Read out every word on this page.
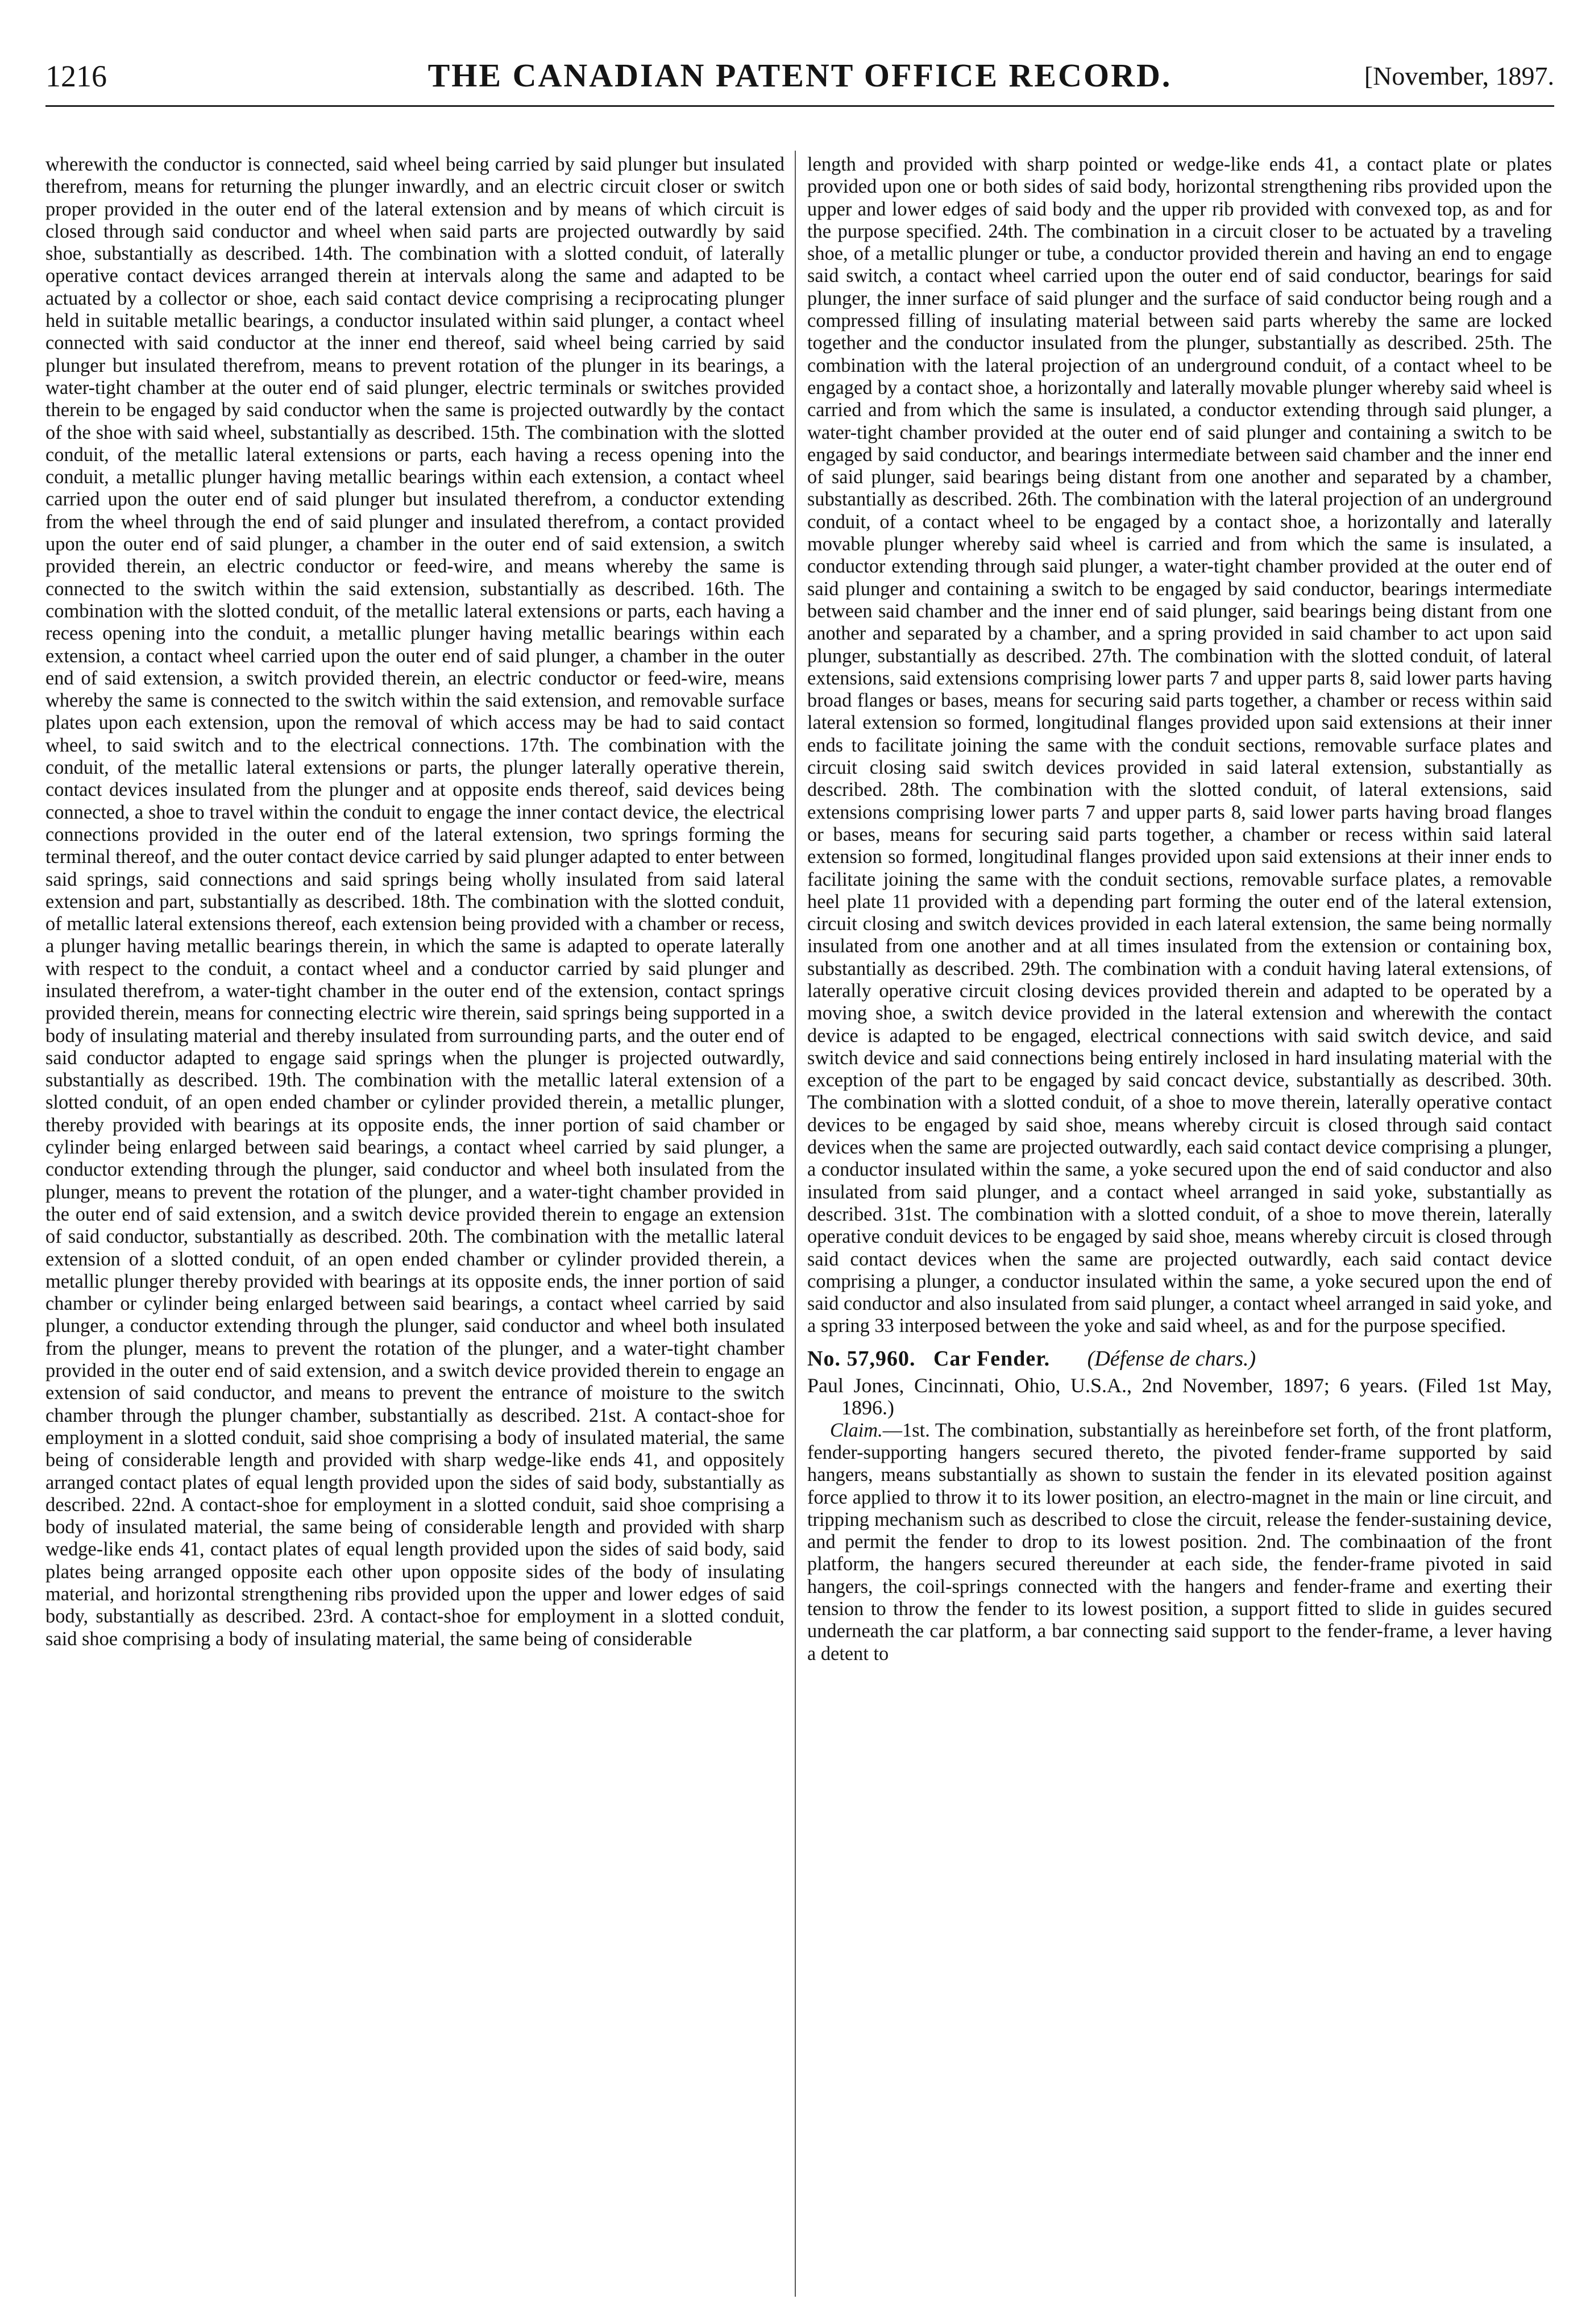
1216	THE CANADIAN PATENT OFFICE RECORD.	[November, 1897.

wherewith the conductor is connected, said wheel being carried by said plunger but insulated therefrom, means for returning the plunger inwardly, and an electric circuit closer or switch proper provided in the outer end of the lateral extension and by means of which circuit is closed through said conductor and wheel when said parts are projected outwardly by said shoe, substantially as described. 14th. The combination with a slotted conduit, of laterally operative contact devices arranged therein at intervals along the same and adapted to be actuated by a collector or shoe, each said contact device comprising a reciprocating plunger held in suitable metallic bearings, a conductor insulated within said plunger, a contact wheel connected with said conductor at the inner end thereof, said wheel being carried by said plunger but insulated therefrom, means to prevent rotation of the plunger in its bearings, a water-tight chamber at the outer end of said plunger, electric terminals or switches provided therein to be engaged by said conductor when the same is projected outwardly by the contact of the shoe with said wheel, substantially as described. 15th. The combination with the slotted conduit, of the metallic lateral extensions or parts, each having a recess opening into the conduit, a metallic plunger having metallic bearings within each extension, a contact wheel carried upon the outer end of said plunger but insulated therefrom, a conductor extending from the wheel through the end of said plunger and insulated therefrom, a contact provided upon the outer end of said plunger, a chamber in the outer end of said extension, a switch provided therein, an electric conductor or feed-wire, and means whereby the same is connected to the switch within the said extension, substantially as described. 16th. The combination with the slotted conduit, of the metallic lateral extensions or parts, each having a recess opening into the conduit, a metallic plunger having metallic bearings within each extension, a contact wheel carried upon the outer end of said plunger, a chamber in the outer end of said extension, a switch provided therein, an electric conductor or feed-wire, means whereby the same is connected to the switch within the said extension, and removable surface plates upon each extension, upon the removal of which access may be had to said contact wheel, to said switch and to the electrical connections. 17th. The combination with the conduit, of the metallic lateral extensions or parts, the plunger laterally operative therein, contact devices insulated from the plunger and at opposite ends thereof, said devices being connected, a shoe to travel within the conduit to engage the inner contact device, the electrical connections provided in the outer end of the lateral extension, two springs forming the terminal thereof, and the outer contact device carried by said plunger adapted to enter between said springs, said connections and said springs being wholly insulated from said lateral extension and part, substantially as described. 18th. The combination with the slotted conduit, of metallic lateral extensions thereof, each extension being provided with a chamber or recess, a plunger having metallic bearings therein, in which the same is adapted to operate laterally with respect to the conduit, a contact wheel and a conductor carried by said plunger and insulated therefrom, a water-tight chamber in the outer end of the extension, contact springs provided therein, means for connecting electric wire therein, said springs being supported in a body of insulating material and thereby insulated from surrounding parts, and the outer end of said conductor adapted to engage said springs when the plunger is projected outwardly, substantially as described. 19th. The combination with the metallic lateral extension of a slotted conduit, of an open ended chamber or cylinder provided therein, a metallic plunger, thereby provided with bearings at its opposite ends, the inner portion of said chamber or cylinder being enlarged between said bearings, a contact wheel carried by said plunger, a conductor extending through the plunger, said conductor and wheel both insulated from the plunger, means to prevent the rotation of the plunger, and a water-tight chamber provided in the outer end of said extension, and a switch device provided therein to engage an extension of said conductor, substantially as described. 20th. The combination with the metallic lateral extension of a slotted conduit, of an open ended chamber or cylinder provided therein, a metallic plunger thereby provided with bearings at its opposite ends, the inner portion of said chamber or cylinder being enlarged between said bearings, a contact wheel carried by said plunger, a conductor extending through the plunger, said conductor and wheel both insulated from the plunger, means to prevent the rotation of the plunger, and a water-tight chamber provided in the outer end of said extension, and a switch device provided therein to engage an extension of said conductor, and means to prevent the entrance of moisture to the switch chamber through the plunger chamber, substantially as described. 21st. A contact-shoe for employment in a slotted conduit, said shoe comprising a body of insulated material, the same being of considerable length and provided with sharp wedge-like ends 41, and oppositely arranged contact plates of equal length provided upon the sides of said body, substantially as described. 22nd. A contact-shoe for employment in a slotted conduit, said shoe comprising a body of insulated material, the same being of considerable length and provided with sharp wedge-like ends 41, contact plates of equal length provided upon the sides of said body, said plates being arranged opposite each other upon opposite sides of the body of insulating material, and horizontal strengthening ribs provided upon the upper and lower edges of said body, substantially as described. 23rd. A contact-shoe for employment in a slotted conduit, said shoe comprising a body of insulating material, the same being of considerable

length and provided with sharp pointed or wedge-like ends 41, a contact plate or plates provided upon one or both sides of said body, horizontal strengthening ribs provided upon the upper and lower edges of said body and the upper rib provided with convexed top, as and for the purpose specified. 24th. The combination in a circuit closer to be actuated by a traveling shoe, of a metallic plunger or tube, a conductor provided therein and having an end to engage said switch, a contact wheel carried upon the outer end of said conductor, bearings for said plunger, the inner surface of said plunger and the surface of said conductor being rough and a compressed filling of insulating material between said parts whereby the same are locked together and the conductor insulated from the plunger, substantially as described. 25th. The combination with the lateral projection of an underground conduit, of a contact wheel to be engaged by a contact shoe, a horizontally and laterally movable plunger whereby said wheel is carried and from which the same is insulated, a conductor extending through said plunger, a water-tight chamber provided at the outer end of said plunger and containing a switch to be engaged by said conductor, and bearings intermediate between said chamber and the inner end of said plunger, said bearings being distant from one another and separated by a chamber, substantially as described. 26th. The combination with the lateral projection of an underground conduit, of a contact wheel to be engaged by a contact shoe, a horizontally and laterally movable plunger whereby said wheel is carried and from which the same is insulated, a conductor extending through said plunger, a water-tight chamber provided at the outer end of said plunger and containing a switch to be engaged by said conductor, bearings intermediate between said chamber and the inner end of said plunger, said bearings being distant from one another and separated by a chamber, and a spring provided in said chamber to act upon said plunger, substantially as described. 27th. The combination with the slotted conduit, of lateral extensions, said extensions comprising lower parts 7 and upper parts 8, said lower parts having broad flanges or bases, means for securing said parts together, a chamber or recess within said lateral extension so formed, longitudinal flanges provided upon said extensions at their inner ends to facilitate joining the same with the conduit sections, removable surface plates and circuit closing said switch devices provided in said lateral extension, substantially as described. 28th. The combination with the slotted conduit, of lateral extensions, said extensions comprising lower parts 7 and upper parts 8, said lower parts having broad flanges or bases, means for securing said parts together, a chamber or recess within said lateral extension so formed, longitudinal flanges provided upon said extensions at their inner ends to facilitate joining the same with the conduit sections, removable surface plates, a removable heel plate 11 provided with a depending part forming the outer end of the lateral extension, circuit closing and switch devices provided in each lateral extension, the same being normally insulated from one another and at all times insulated from the extension or containing box, substantially as described. 29th. The combination with a conduit having lateral extensions, of laterally operative circuit closing devices provided therein and adapted to be operated by a moving shoe, a switch device provided in the lateral extension and wherewith the contact device is adapted to be engaged, electrical connections with said switch device, and said switch device and said connections being entirely inclosed in hard insulating material with the exception of the part to be engaged by said concact device, substantially as described. 30th. The combination with a slotted conduit, of a shoe to move therein, laterally operative contact devices to be engaged by said shoe, means whereby circuit is closed through said contact devices when the same are projected outwardly, each said contact device comprising a plunger, a conductor insulated within the same, a yoke secured upon the end of said conductor and also insulated from said plunger, and a contact wheel arranged in said yoke, substantially as described. 31st. The combination with a slotted conduit, of a shoe to move therein, laterally operative conduit devices to be engaged by said shoe, means whereby circuit is closed through said contact devices when the same are projected outwardly, each said contact device comprising a plunger, a conductor insulated within the same, a yoke secured upon the end of said conductor and also insulated from said plunger, a contact wheel arranged in said yoke, and a spring 33 interposed between the yoke and said wheel, as and for the purpose specified.

No. 57,960. Car Fender. (Défense de chars.)

Paul Jones, Cincinnati, Ohio, U.S.A., 2nd November, 1897; 6 years. (Filed 1st May, 1896.)

Claim.—1st. The combination, substantially as hereinbefore set forth, of the front platform, fender-supporting hangers secured thereto, the pivoted fender-frame supported by said hangers, means substantially as shown to sustain the fender in its elevated position against force applied to throw it to its lower position, an electro-magnet in the main or line circuit, and tripping mechanism such as described to close the circuit, release the fender-sustaining device, and permit the fender to drop to its lowest position. 2nd. The combinaation of the front platform, the hangers secured thereunder at each side, the fender-frame pivoted in said hangers, the coil-springs connected with the hangers and fender-frame and exerting their tension to throw the fender to its lowest position, a support fitted to slide in guides secured underneath the car platform, a bar connecting said support to the fender-frame, a lever having a detent to
